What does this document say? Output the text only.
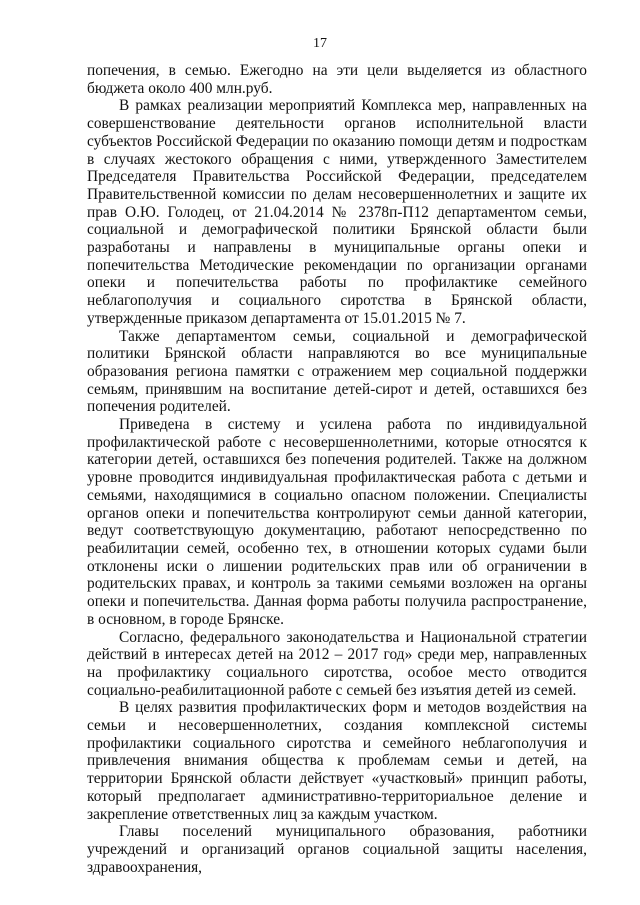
17

попечения, в семью. Ежегодно на эти цели выделяется из областного бюджета около 400 млн.руб.

В рамках реализации мероприятий Комплекса мер, направленных на совершенствование деятельности органов исполнительной власти субъектов Российской Федерации по оказанию помощи детям и подросткам в случаях жестокого обращения с ними, утвержденного Заместителем Председателя Правительства Российской Федерации, председателем Правительственной комиссии по делам несовершеннолетних и защите их прав О.Ю. Голодец, от 21.04.2014 № 2378п-П12 департаментом семьи, социальной и демографической политики Брянской области были разработаны и направлены в муниципальные органы опеки и попечительства Методические рекомендации по организации органами опеки и попечительства работы по профилактике семейного неблагополучия и социального сиротства в Брянской области, утвержденные приказом департамента от 15.01.2015 № 7.

Также департаментом семьи, социальной и демографической политики Брянской области направляются во все муниципальные образования региона памятки с отражением мер социальной поддержки семьям, принявшим на воспитание детей-сирот и детей, оставшихся без попечения родителей.

Приведена в систему и усилена работа по индивидуальной профилактической работе с несовершеннолетними, которые относятся к категории детей, оставшихся без попечения родителей. Также на должном уровне проводится индивидуальная профилактическая работа с детьми и семьями, находящимися в социально опасном положении. Специалисты органов опеки и попечительства контролируют семьи данной категории, ведут соответствующую документацию, работают непосредственно по реабилитации семей, особенно тех, в отношении которых судами были отклонены иски о лишении родительских прав или об ограничении в родительских правах, и контроль за такими семьями возложен на органы опеки и попечительства. Данная форма работы получила распространение, в основном, в городе Брянске.

Согласно, федерального законодательства и Национальной стратегии действий в интересах детей на 2012 – 2017 год» среди мер, направленных на профилактику социального сиротства, особое место отводится социально-реабилитационной работе с семьей без изъятия детей из семей.

В целях развития профилактических форм и методов воздействия на семьи и несовершеннолетних, создания комплексной системы профилактики социального сиротства и семейного неблагополучия и привлечения внимания общества к проблемам семьи и детей, на территории Брянской области действует «участковый» принцип работы, который предполагает административно-территориальное деление и закрепление ответственных лиц за каждым участком.

Главы поселений муниципального образования, работники учреждений и организаций органов социальной защиты населения, здравоохранения,
